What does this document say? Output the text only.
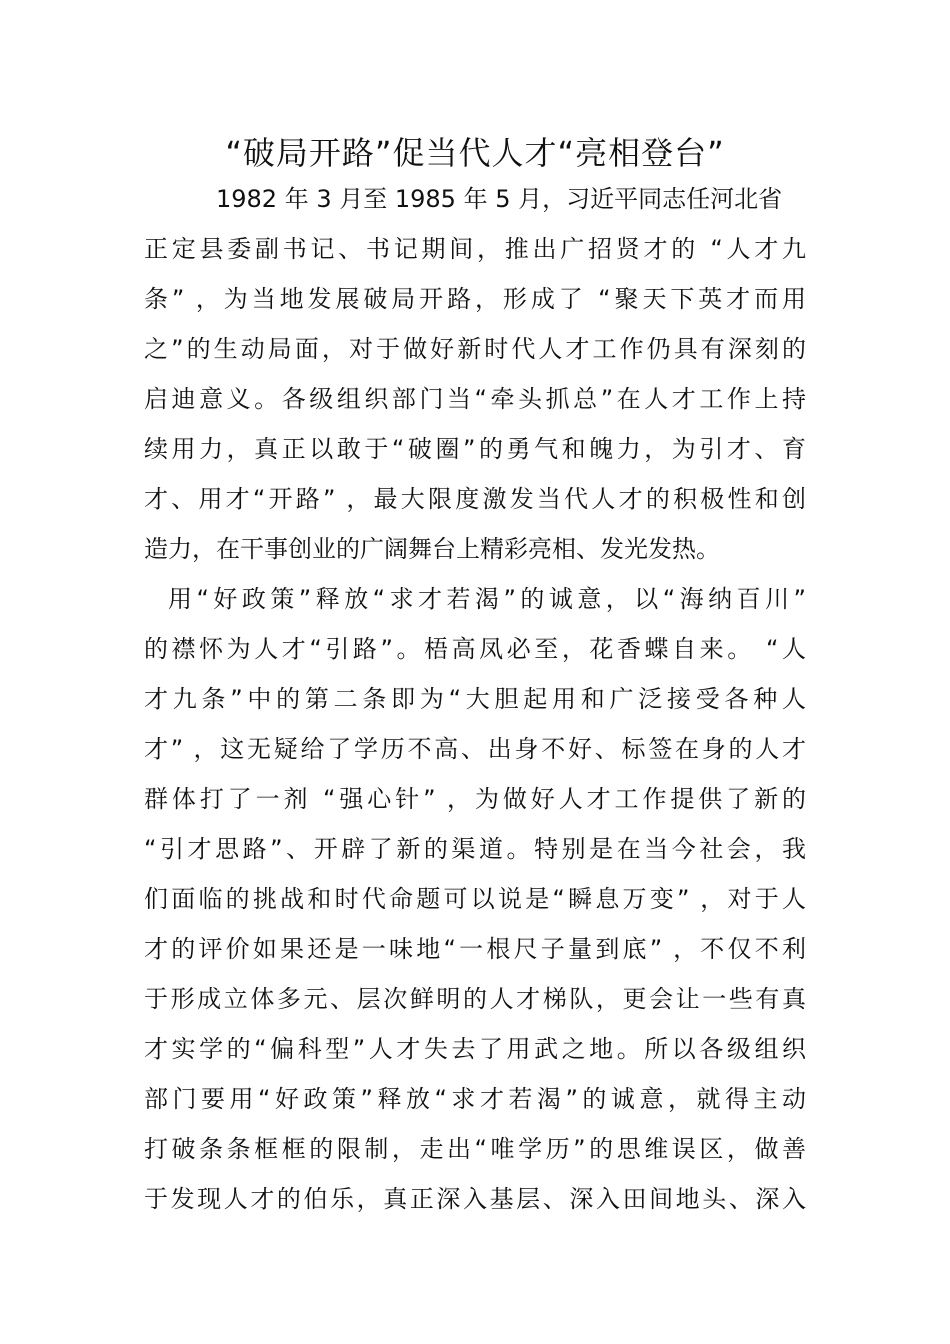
“破局开路”促当代人才“亮相登台”
1982 年 3 月至 1985 年 5 月，习近平同志任河北省
正定县委副书记、书记期间，推出广招贤才的 “人才九
条” ，为当地发展破局开路，形成了 “聚天下英才而用
之”的生动局面，对于做好新时代人才工作仍具有深刻的
启迪意义。各级组织部门当“牵头抓总”在人才工作上持
续用力，真正以敢于“破圈”的勇气和魄力，为引才、育
才、用才“开路” ，最大限度激发当代人才的积极性和创
造力，在干事创业的广阔舞台上精彩亮相、发光发热。
用“好政策”释放“求才若渴”的诚意，以“海纳百川”
的襟怀为人才“引路”。梧高凤必至，花香蝶自来。 “人
才九条”中的第二条即为“大胆起用和广泛接受各种人
才” ，这无疑给了学历不高、出身不好、标签在身的人才
群体打了一剂 “强心针” ，为做好人才工作提供了新的
“引才思路”、开辟了新的渠道。特别是在当今社会，我
们面临的挑战和时代命题可以说是“瞬息万变” ，对于人
才的评价如果还是一味地“一根尺子量到底” ，不仅不利
于形成立体多元、层次鲜明的人才梯队，更会让一些有真
才实学的“偏科型”人才失去了用武之地。所以各级组织
部门要用“好政策”释放“求才若渴”的诚意，就得主动
打破条条框框的限制，走出“唯学历”的思维误区，做善
于发现人才的伯乐，真正深入基层、深入田间地头、深入
